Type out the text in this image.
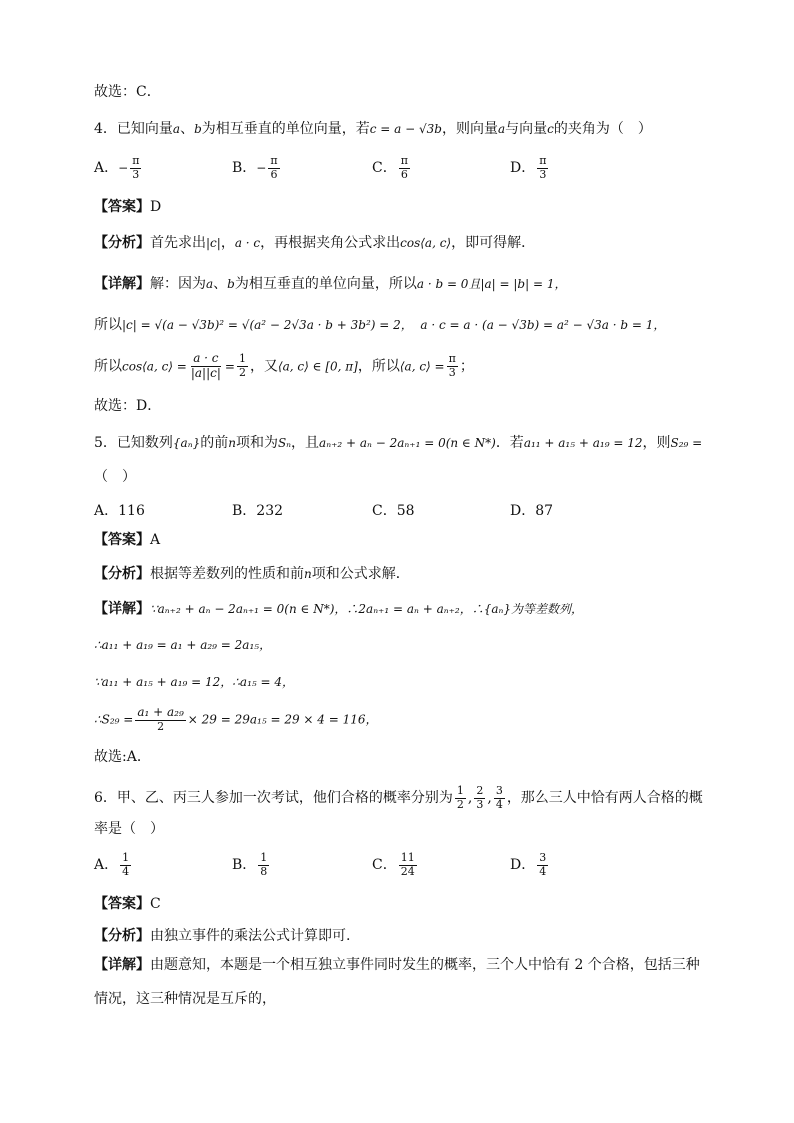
故选：C．
4．已知向量a、b为相互垂直的单位向量，若c = a − √3b，则向量a与向量c的夹角为（　）
A．− $\frac{\pi}{3}$	B．− $\frac{\pi}{6}$	C． $\frac{\pi}{6}$	D． $\frac{\pi}{3}$
【答案】D
【分析】首先求出|c|，a · c，再根据夹角公式求出cos⟨a, c⟩，即可得解．
【详解】解：因为a、b为相互垂直的单位向量，所以a · b = 0且|a| = |b| = 1，
所以|c| = √(a − √3b)² = √(a² − 2√3a · b + 3b²) = 2， a · c = a · (a − √3b) = a² − √3a · b = 1，
所以cos⟨a, c⟩ = $\frac{a \cdot c}{|a||c|} = \frac{1}{2}$ ，又⟨a, c⟩ ∈ [0, π]，所以⟨a, c⟩ = $\frac{\pi}{3}$ ；
故选：D．
5．已知数列{aₙ}的前n项和为Sₙ，且aₙ₊₂ + aₙ − 2aₙ₊₁ = 0(n ∈ N*)．若a₁₁ + a₁₅ + a₁₉ = 12，则S₂₉ =
（　）
A．116	B．232	C．58	D．87
【答案】A
【分析】根据等差数列的性质和前n项和公式求解．
【详解】∵aₙ₊₂ + aₙ − 2aₙ₊₁ = 0(n ∈ N*)，∴2aₙ₊₁ = aₙ + aₙ₊₂，∴{aₙ}为等差数列，
∴a₁₁ + a₁₉ = a₁ + a₂₉ = 2a₁₅，
∵a₁₁ + a₁₅ + a₁₉ = 12，∴a₁₅ = 4，
∴S₂₉ = $\frac{\text{a₁ + a₂₉}}{2} \times 29 = 29a_{15} = 29 \times 4 = 116$，
故选:A．
6．甲、乙、丙三人参加一次考试，他们合格的概率分别为 $\frac{1}{2}$ , $\frac{2}{3}$ , $\frac{3}{4}$ ，那么三人中恰有两人合格的概
率是（　）
A． $\frac{1}{4}$	B． $\frac{1}{8}$	C． $\frac{11}{24}$	D． $\frac{3}{4}$
【答案】C
【分析】由独立事件的乘法公式计算即可.
【详解】由题意知，本题是一个相互独立事件同时发生的概率，三个人中恰有 2 个合格，包括三种
情况，这三种情况是互斥的，
